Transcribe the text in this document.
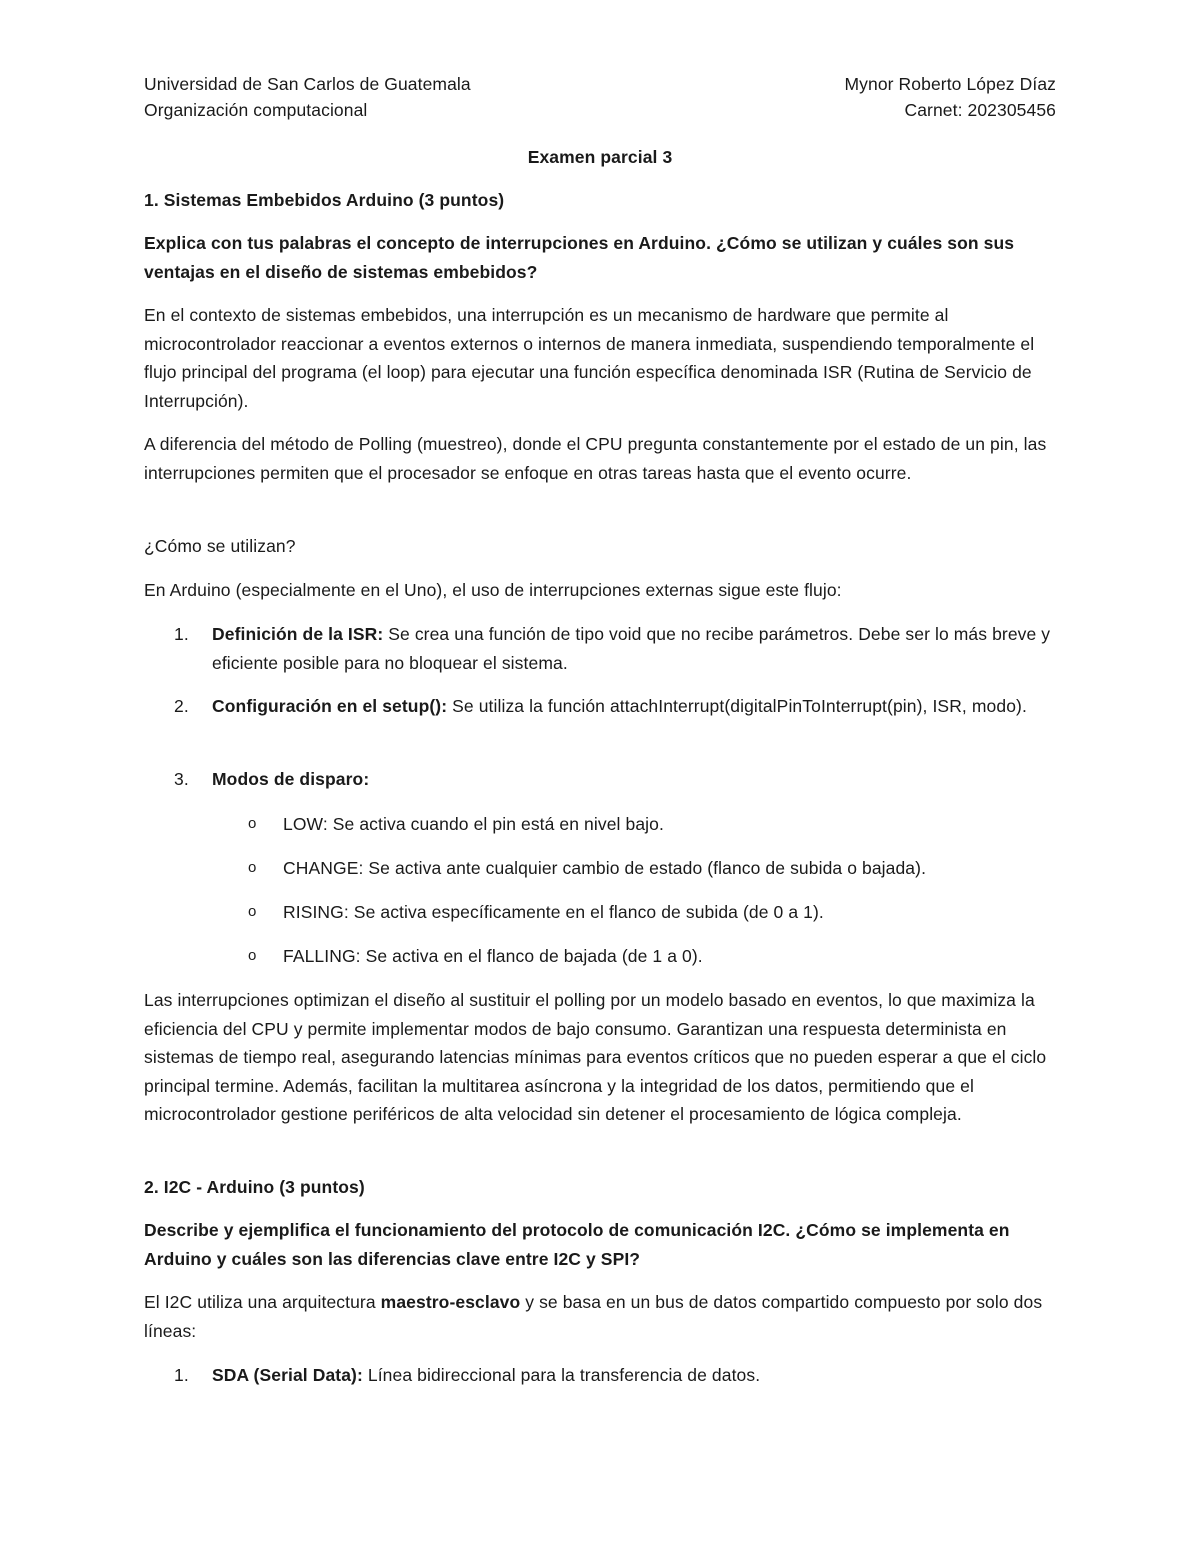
Universidad de San Carlos de Guatemala
Organización computacional
Mynor Roberto López Díaz
Carnet: 202305456
Examen parcial 3
1. Sistemas Embebidos Arduino (3 puntos)
Explica con tus palabras el concepto de interrupciones en Arduino. ¿Cómo se utilizan y cuáles son sus ventajas en el diseño de sistemas embebidos?
En el contexto de sistemas embebidos, una interrupción es un mecanismo de hardware que permite al microcontrolador reaccionar a eventos externos o internos de manera inmediata, suspendiendo temporalmente el flujo principal del programa (el loop) para ejecutar una función específica denominada ISR (Rutina de Servicio de Interrupción).
A diferencia del método de Polling (muestreo), donde el CPU pregunta constantemente por el estado de un pin, las interrupciones permiten que el procesador se enfoque en otras tareas hasta que el evento ocurre.
¿Cómo se utilizan?
En Arduino (especialmente en el Uno), el uso de interrupciones externas sigue este flujo:
1. Definición de la ISR: Se crea una función de tipo void que no recibe parámetros. Debe ser lo más breve y eficiente posible para no bloquear el sistema.
2. Configuración en el setup(): Se utiliza la función attachInterrupt(digitalPinToInterrupt(pin), ISR, modo).
3. Modos de disparo:
o LOW: Se activa cuando el pin está en nivel bajo.
o CHANGE: Se activa ante cualquier cambio de estado (flanco de subida o bajada).
o RISING: Se activa específicamente en el flanco de subida (de 0 a 1).
o FALLING: Se activa en el flanco de bajada (de 1 a 0).
Las interrupciones optimizan el diseño al sustituir el polling por un modelo basado en eventos, lo que maximiza la eficiencia del CPU y permite implementar modos de bajo consumo. Garantizan una respuesta determinista en sistemas de tiempo real, asegurando latencias mínimas para eventos críticos que no pueden esperar a que el ciclo principal termine. Además, facilitan la multitarea asíncrona y la integridad de los datos, permitiendo que el microcontrolador gestione periféricos de alta velocidad sin detener el procesamiento de lógica compleja.
2. I2C - Arduino (3 puntos)
Describe y ejemplifica el funcionamiento del protocolo de comunicación I2C. ¿Cómo se implementa en Arduino y cuáles son las diferencias clave entre I2C y SPI?
El I2C utiliza una arquitectura maestro-esclavo y se basa en un bus de datos compartido compuesto por solo dos líneas:
1. SDA (Serial Data): Línea bidireccional para la transferencia de datos.
